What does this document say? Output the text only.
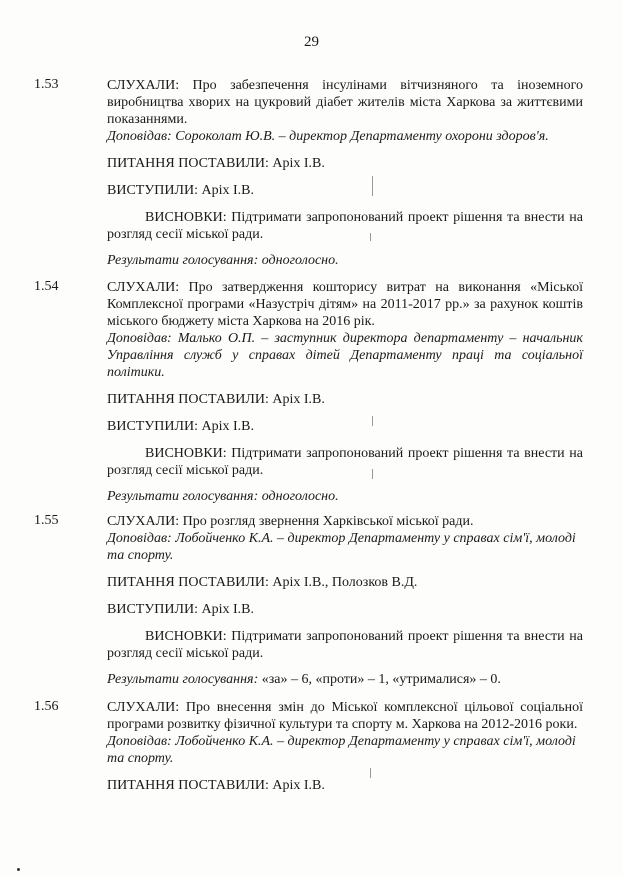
29
1.53	СЛУХАЛИ: Про забезпечення інсулінами вітчизняного та іноземного виробництва хворих на цукровий діабет жителів міста Харкова за життєвими показаннями.

Доповідав: Сороколат Ю.В. – директор Департаменту охорони здоров'я.

ПИТАННЯ ПОСТАВИЛИ: Аріх І.В.

ВИСТУПИЛИ: Аріх І.В.

ВИСНОВКИ: Підтримати запропонований проект рішення та внести на розгляд сесії міської ради.

Результати голосування: одноголосно.

1.54	СЛУХАЛИ: Про затвердження кошторису витрат на виконання «Міської Комплексної програми «Назустріч дітям» на 2011-2017 рр.» за рахунок коштів міського бюджету міста Харкова на 2016 рік.

Доповідав: Малько О.П. – заступник директора департаменту – начальник Управління служб у справах дітей Департаменту праці та соціальної політики.

ПИТАННЯ ПОСТАВИЛИ: Аріх І.В.

ВИСТУПИЛИ: Аріх І.В.

ВИСНОВКИ: Підтримати запропонований проект рішення та внести на розгляд сесії міської ради.

Результати голосування: одноголосно.

1.55	СЛУХАЛИ: Про розгляд звернення Харківської міської ради.

Доповідав: Лобойченко К.А. – директор Департаменту у справах сім'ї, молоді та спорту.

ПИТАННЯ ПОСТАВИЛИ: Аріх І.В., Полозков В.Д.

ВИСТУПИЛИ: Аріх І.В.

ВИСНОВКИ: Підтримати запропонований проект рішення та внести на розгляд сесії міської ради.

Результати голосування: «за» – 6, «проти» – 1, «утрималися» – 0.

1.56	СЛУХАЛИ: Про внесення змін до Міської комплексної цільової соціальної програми розвитку фізичної культури та спорту м. Харкова на 2012-2016 роки.

Доповідав: Лобойченко К.А. – директор Департаменту у справах сім'ї, молоді та спорту.

ПИТАННЯ ПОСТАВИЛИ: Аріх І.В.
